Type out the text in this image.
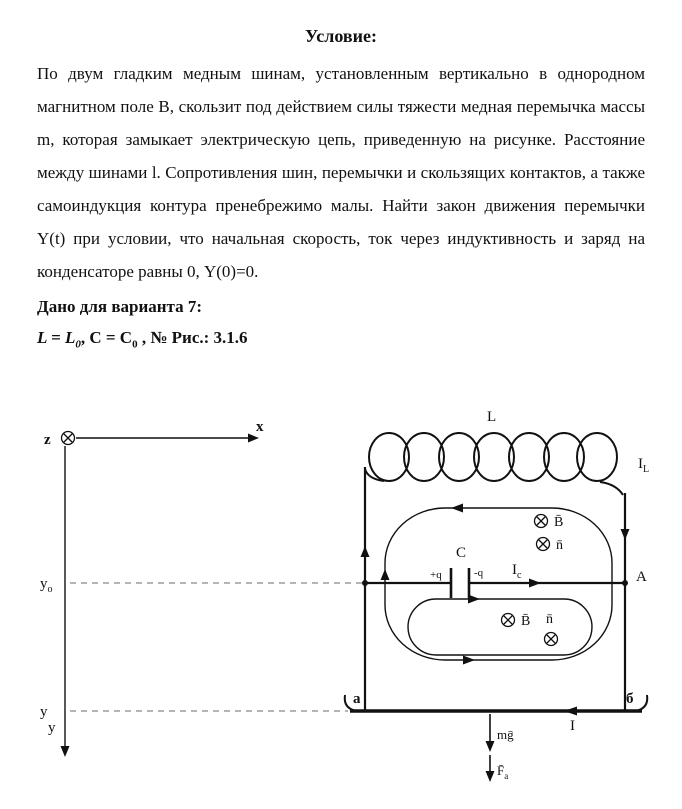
Условие:

По двум гладким медным шинам, установленным вертикально в однородном магнитном поле B, скользит под действием силы тяжести медная перемычка массы m, которая замыкает электрическую цепь, приведенную на рисунке. Расстояние между шинами l. Сопротивления шин, перемычки и скользящих контактов, а также самоиндукция контура пренебрежимо малы. Найти закон движения перемычки Y(t) при условии, что начальная скорость, ток через индуктивность и заряд на конденсаторе равны 0, Y(0)=0.

Дано для варианта 7:
$L = L_0$, $C = C_0$ , № Рис.: 3.1.6
z
x
$y_o$
y
y
L
$I_L$
C
+q	-q $I_c$	A
B̄
n̄
B̄ n̄
а	б
I
mḡ
$F̄_a$
